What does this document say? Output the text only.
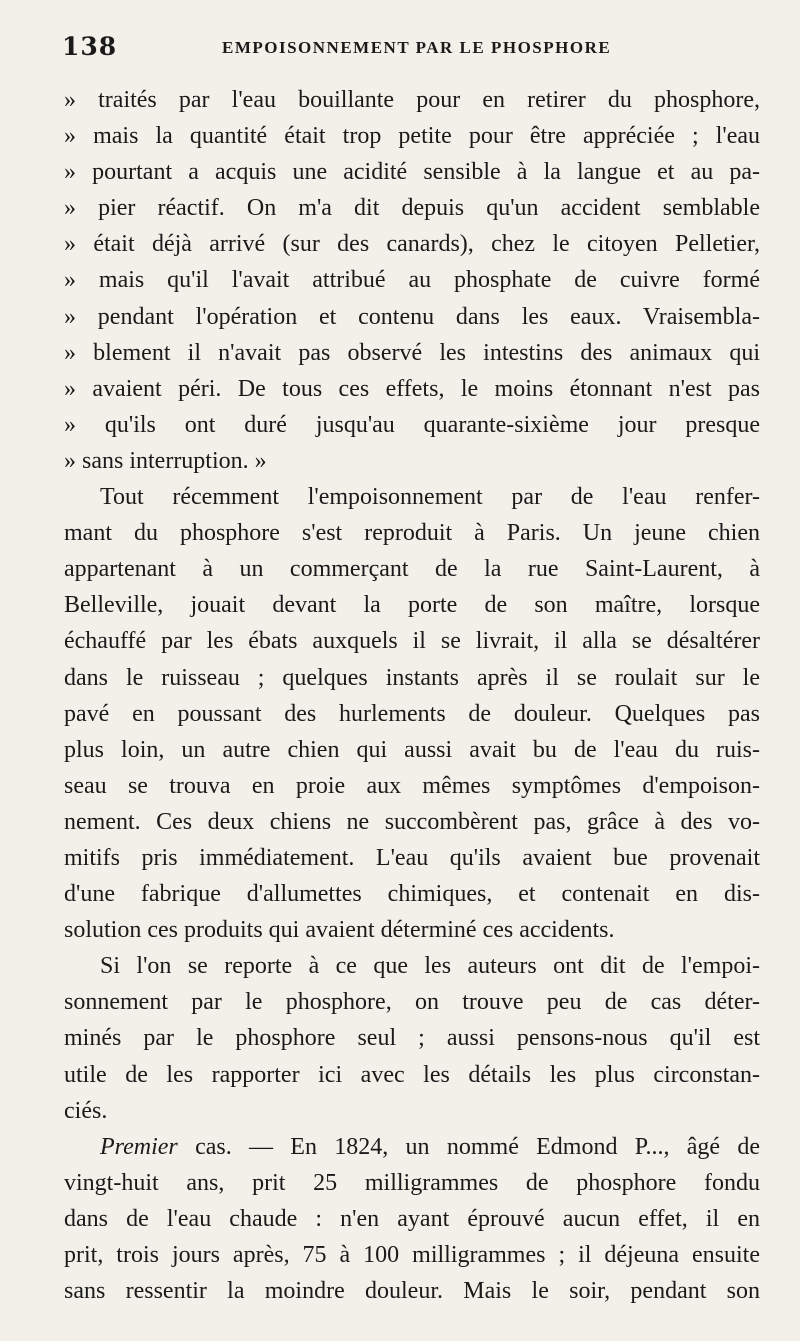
138	EMPOISONNEMENT PAR LE PHOSPHORE
» traités par l'eau bouillante pour en retirer du phosphore,
» mais la quantité était trop petite pour être appréciée ; l'eau
» pourtant a acquis une acidité sensible à la langue et au pa-
» pier réactif. On m'a dit depuis qu'un accident semblable
» était déjà arrivé (sur des canards), chez le citoyen Pelletier,
» mais qu'il l'avait attribué au phosphate de cuivre formé
» pendant l'opération et contenu dans les eaux. Vraisembla-
» blement il n'avait pas observé les intestins des animaux qui
» avaient péri. De tous ces effets, le moins étonnant n'est pas
» qu'ils ont duré jusqu'au quarante-sixième jour presque
» sans interruption. »
Tout récemment l'empoisonnement par de l'eau renfer-
mant du phosphore s'est reproduit à Paris. Un jeune chien
appartenant à un commerçant de la rue Saint-Laurent, à
Belleville, jouait devant la porte de son maître, lorsque
échauffé par les ébats auxquels il se livrait, il alla se désaltérer
dans le ruisseau ; quelques instants après il se roulait sur le
pavé en poussant des hurlements de douleur. Quelques pas
plus loin, un autre chien qui aussi avait bu de l'eau du ruis-
seau se trouva en proie aux mêmes symptômes d'empoison-
nement. Ces deux chiens ne succombèrent pas, grâce à des vo-
mitifs pris immédiatement. L'eau qu'ils avaient bue provenait
d'une fabrique d'allumettes chimiques, et contenait en dis-
solution ces produits qui avaient déterminé ces accidents.
Si l'on se reporte à ce que les auteurs ont dit de l'empoi-
sonnement par le phosphore, on trouve peu de cas déter-
minés par le phosphore seul ; aussi pensons-nous qu'il est
utile de les rapporter ici avec les détails les plus circonstan-
ciés.
Premier cas. — En 1824, un nommé Edmond P..., âgé de
vingt-huit ans, prit 25 milligrammes de phosphore fondu
dans de l'eau chaude : n'en ayant éprouvé aucun effet, il en
prit, trois jours après, 75 à 100 milligrammes ; il déjeuna ensuite
sans ressentir la moindre douleur. Mais le soir, pendant son
